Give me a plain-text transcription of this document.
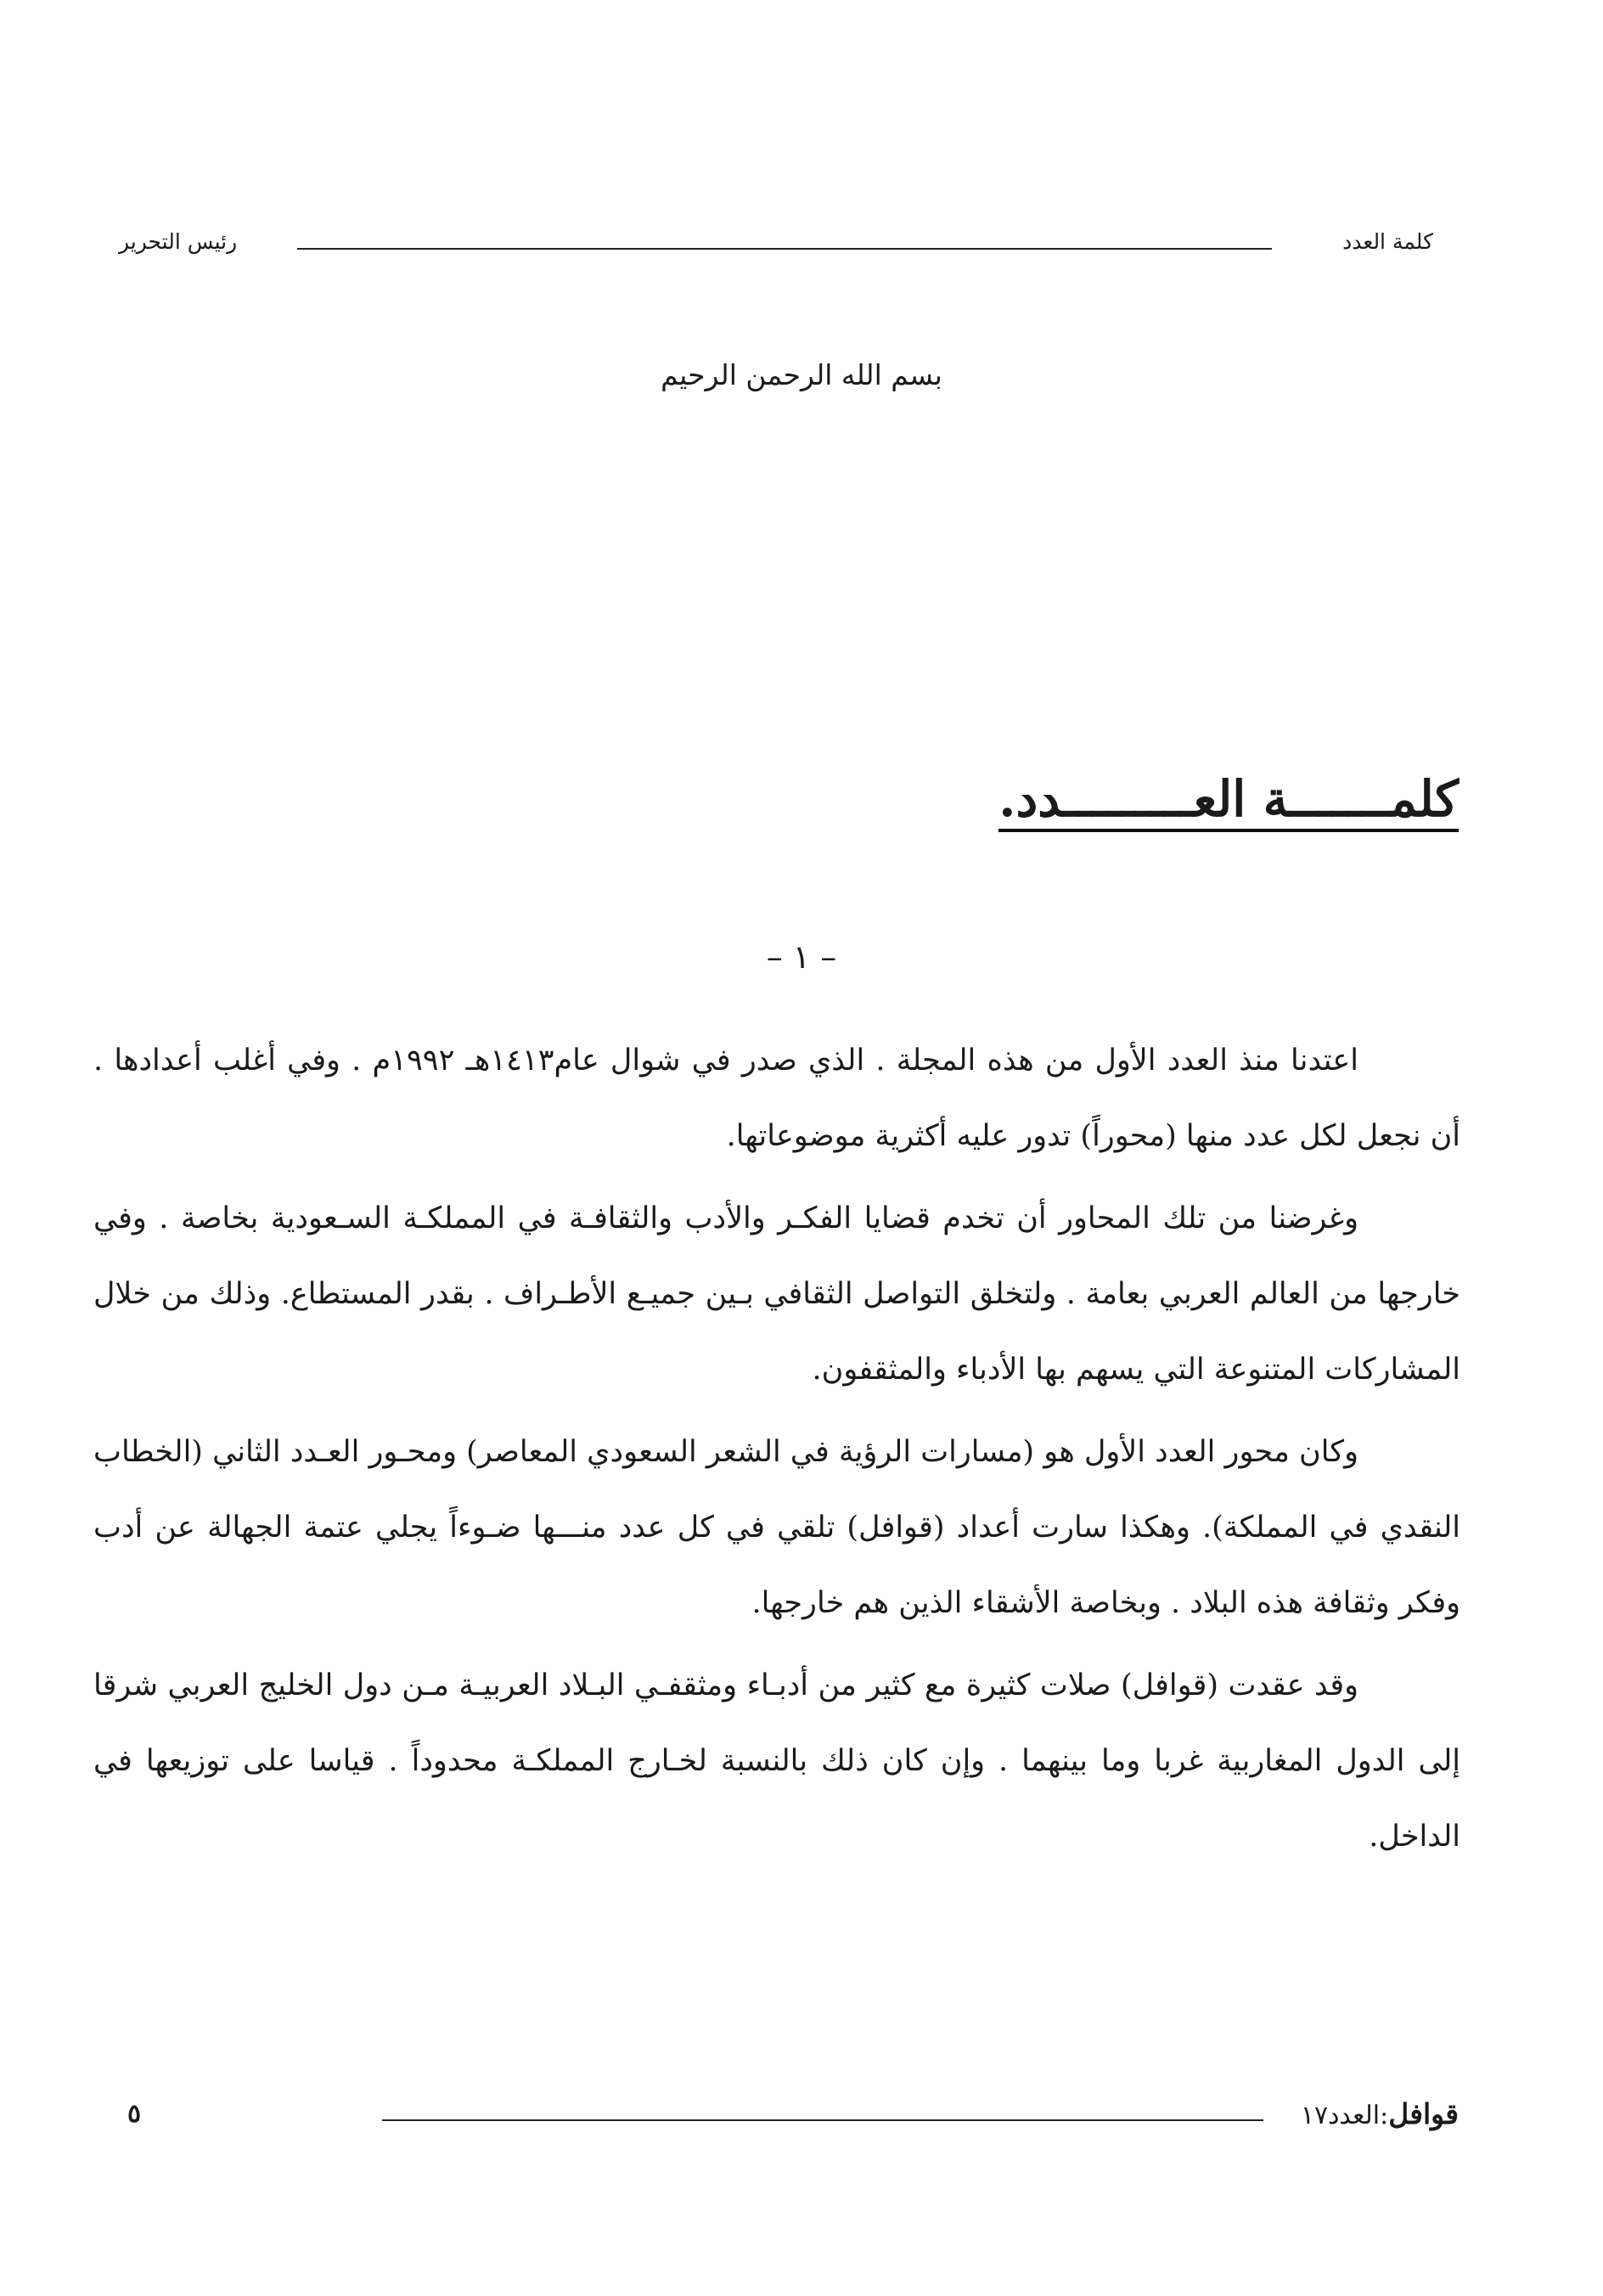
كلمة العدد
رئيس التحرير
بسم الله الرحمن الرحيم
كلمـــــــة العـــــــــدد.
– ١ –

اعتدنا منذ العدد الأول من هذه المجلة . الذي صدر في شوال عام١٤١٣هـ ١٩٩٢م . وفي أغلب أعدادها . أن نجعل لكل عدد منها (محوراً) تدور عليه أكثرية موضوعاتها.

وغرضنا من تلك المحاور أن تخدم قضايا الفكـر والأدب والثقافـة في المملكـة السـعودية بخاصة . وفي خارجها من العالم العربي بعامة . ولتخلق التواصل الثقافي بـين جميـع الأطـراف . بقدر المستطاع. وذلك من خلال المشاركات المتنوعة التي يسهم بها الأدباء والمثقفون.

وكان محور العدد الأول هو (مسارات الرؤية في الشعر السعودي المعاصر) ومحـور العـدد الثاني (الخطاب النقدي في المملكة). وهكذا سارت أعداد (قوافل) تلقي في كل عدد منـــها ضـوءاً يجلي عتمة الجهالة عن أدب وفكر وثقافة هذه البلاد . وبخاصة الأشقاء الذين هم خارجها.

وقد عقدت (قوافل) صلات كثيرة مع كثير من أدبـاء ومثقفـي البـلاد العربيـة مـن دول الخليج العربي شرقا إلى الدول المغاربية غربا وما بينهما . وإن كان ذلك بالنسبة لخـارج المملكـة محدوداً . قياسا على توزيعها في الداخل.

قوافل:العدد١٧
٥
